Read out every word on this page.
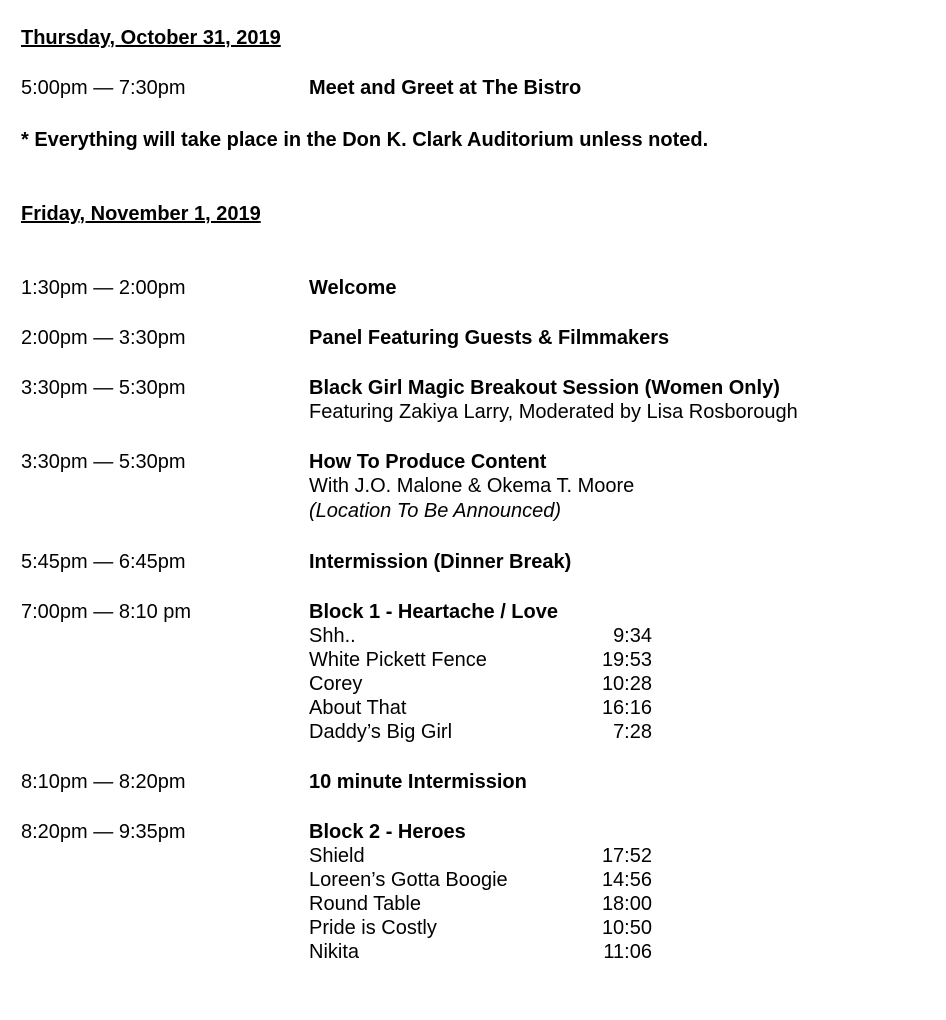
Thursday, October 31, 2019
5:00pm — 7:30pm	Meet and Greet at The Bistro
* Everything will take place in the Don K. Clark Auditorium unless noted.
Friday, November 1, 2019
1:30pm — 2:00pm	Welcome
2:00pm — 3:30pm	Panel Featuring Guests & Filmmakers
3:30pm — 5:30pm	Black Girl Magic Breakout Session (Women Only)
Featuring Zakiya Larry, Moderated by Lisa Rosborough
3:30pm — 5:30pm	How To Produce Content
With J.O. Malone & Okema T. Moore
(Location To Be Announced)
5:45pm — 6:45pm	Intermission (Dinner Break)
7:00pm — 8:10 pm	Block 1 - Heartache / Love
Shh..	9:34
White Pickett Fence	19:53
Corey	10:28
About That	16:16
Daddy’s Big Girl	7:28
8:10pm — 8:20pm	10 minute Intermission
8:20pm — 9:35pm	Block 2 - Heroes
Shield	17:52
Loreen’s Gotta Boogie	14:56
Round Table	18:00
Pride is Costly	10:50
Nikita	11:06
